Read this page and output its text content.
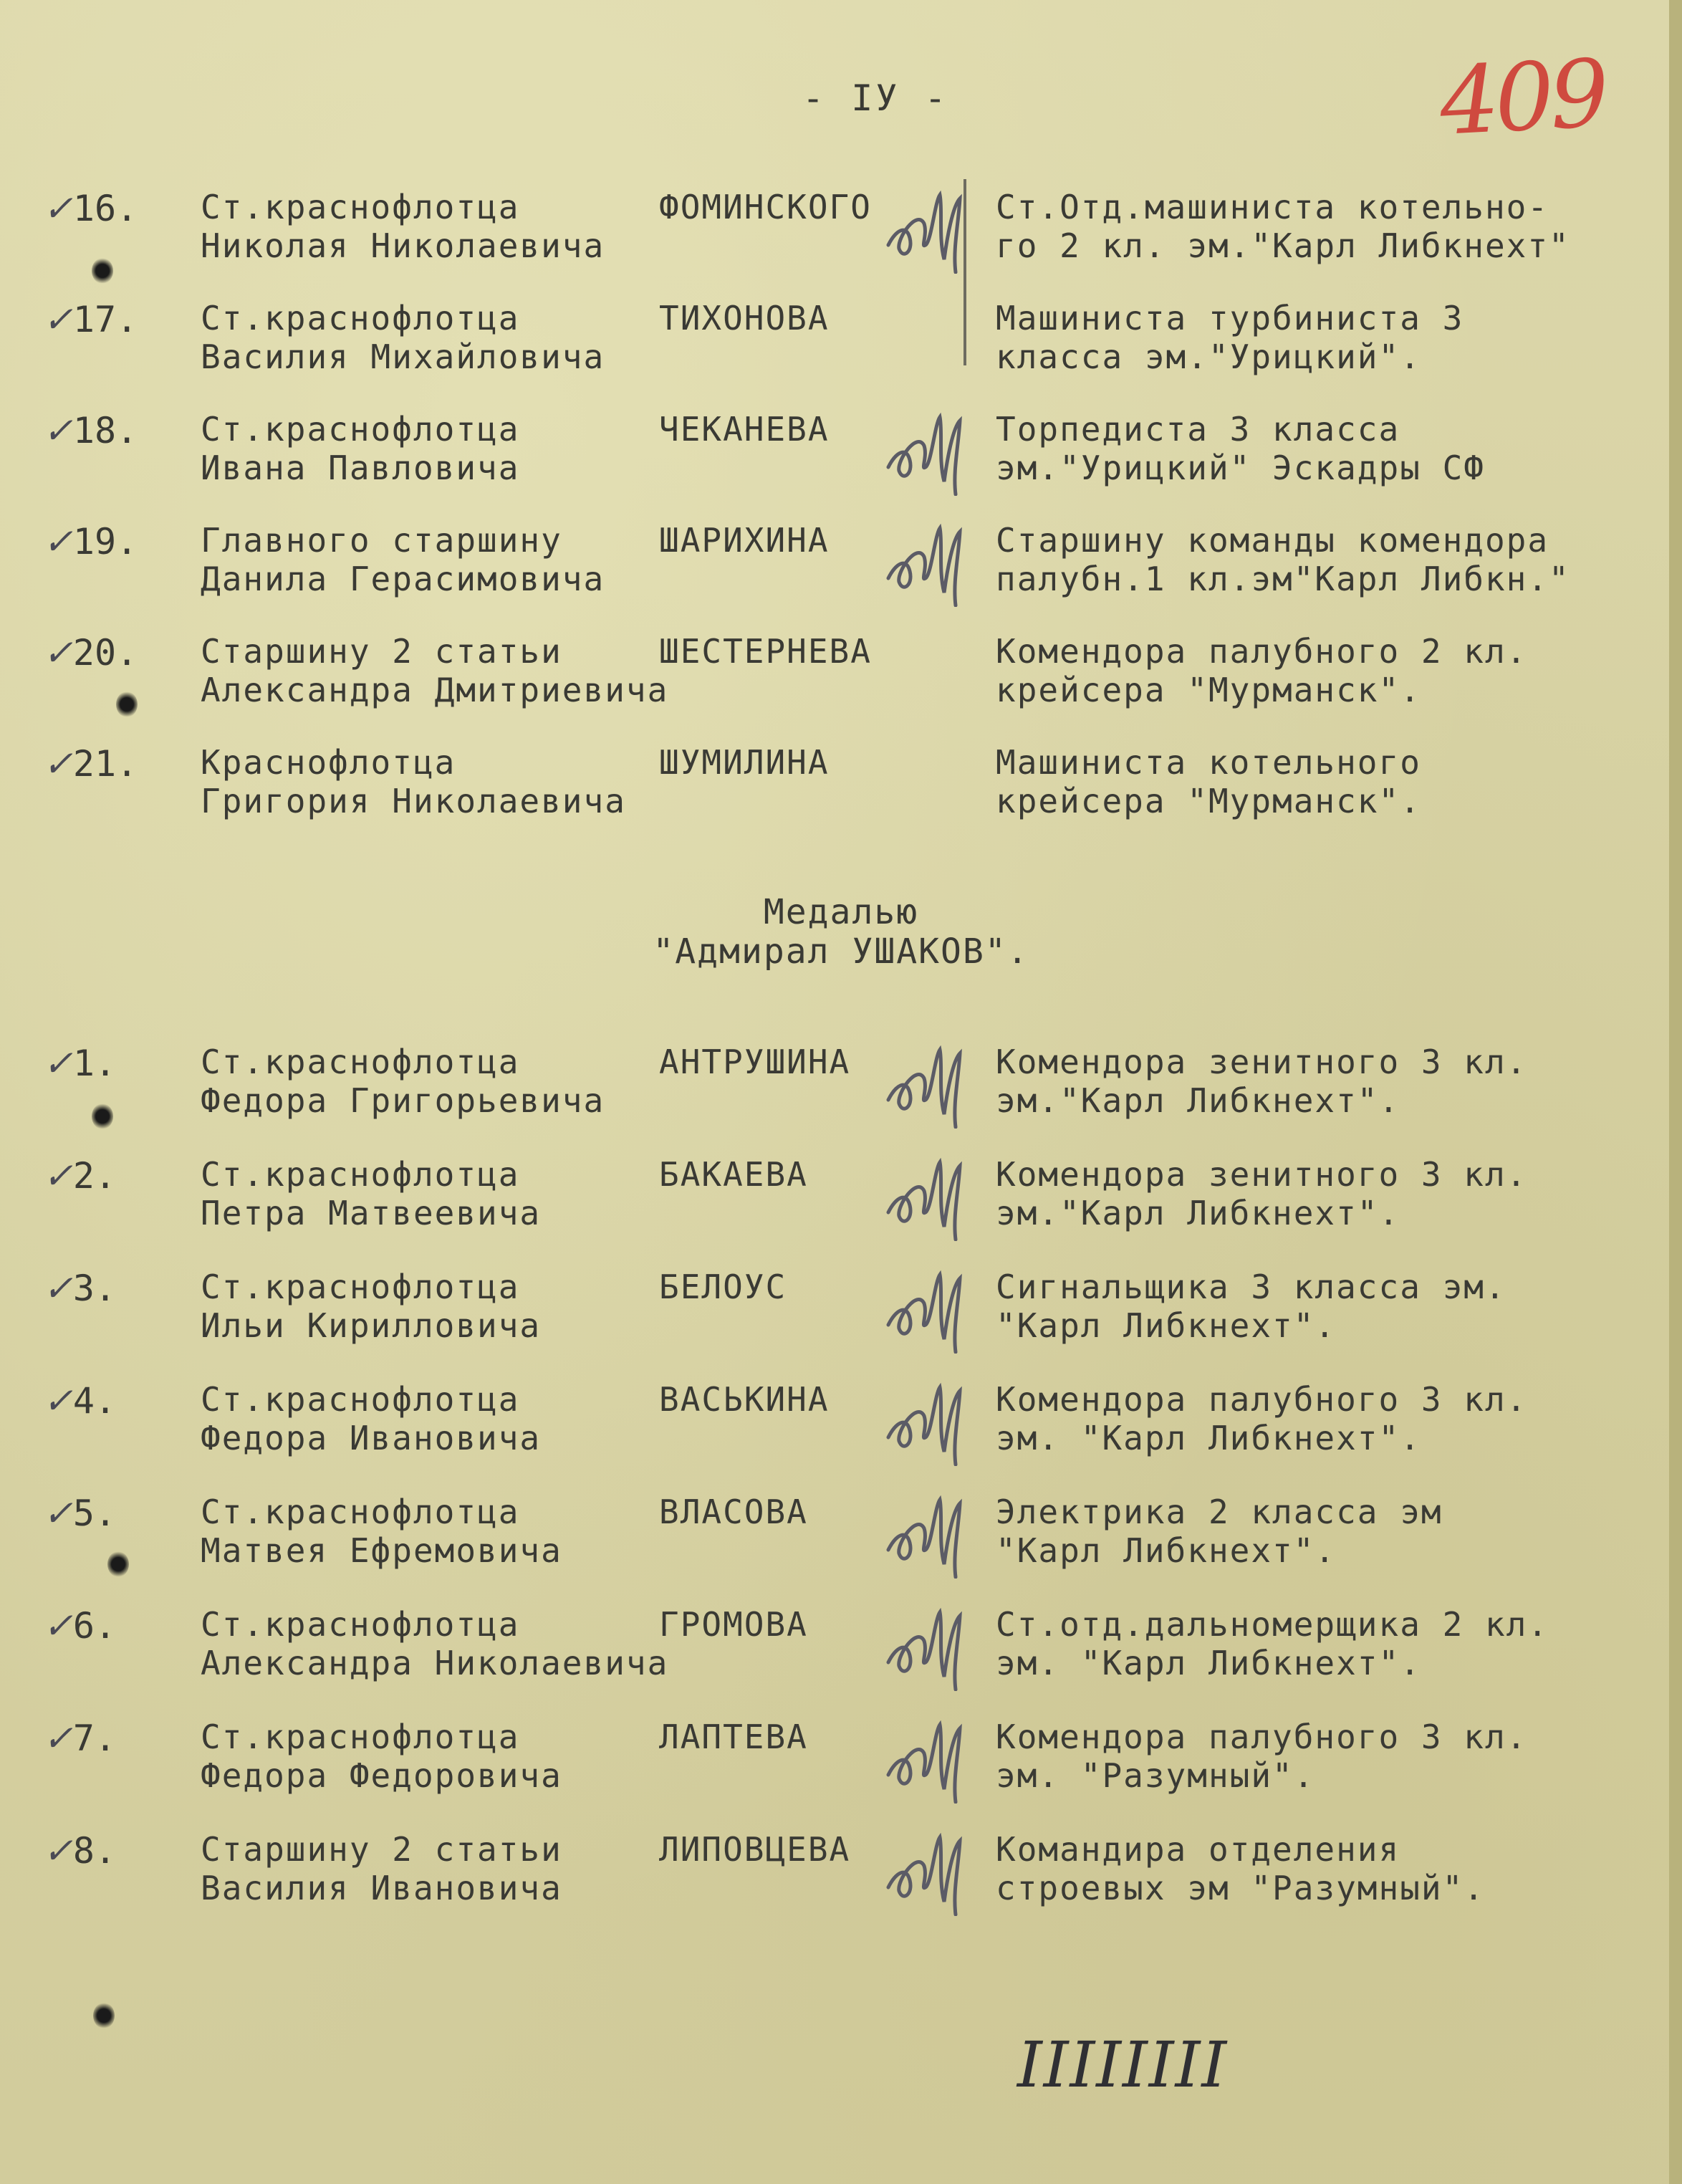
409
- IУ -
✓16.	Ст.краснофлотца	ФОМИНСКОГО
Николая Николаевича
Ст.Отд.машиниста котельно-
го 2 кл. эм."Карл Либкнехт"
✓17.	Ст.краснофлотца	ТИХОНОВА
Василия Михайловича
Машиниста турбиниста 3
класса эм."Урицкий".
✓18.	Ст.краснофлотца	ЧЕКАНЕВА
Ивана Павловича
Торпедиста 3 класса
эм."Урицкий" Эскадры СФ
✓19.	Главного старшину	ШАРИХИНА
Данила Герасимовича
Старшину команды комендора
палубн.1 кл.эм"Карл Либкн."
✓20.	Старшину 2 статьи	ШЕСТЕРНЕВА
Александра Дмитриевича
Комендора палубного 2 кл.
крейсера "Мурманск".
✓21.	Краснофлотца	ШУМИЛИНА
Григория Николаевича
Машиниста котельного
крейсера "Мурманск".
Медалью
"Адмирал УШАКОВ".
✓1.	Ст.краснофлотца	АНТРУШИНА
Федора Григорьевича
Комендора зенитного 3 кл.
эм."Карл Либкнехт".
✓2.	Ст.краснофлотца	БАКАЕВА
Петра Матвеевича
Комендора зенитного 3 кл.
эм."Карл Либкнехт".
✓3.	Ст.краснофлотца	БЕЛОУС
Ильи Кирилловича
Сигнальщика 3 класса эм.
"Карл Либкнехт".
✓4.	Ст.краснофлотца	ВАСЬКИНА
Федора Ивановича
Комендора палубного 3 кл.
эм. "Карл Либкнехт".
✓5.	Ст.краснофлотца	ВЛАСОВА
Матвея Ефремовича
Электрика 2 класса эм
"Карл Либкнехт".
✓6.	Ст.краснофлотца	ГРОМОВА
Александра Николаевича
Ст.отд.дальномерщика 2 кл.
эм. "Карл Либкнехт".
✓7.	Ст.краснофлотца	ЛАПТЕВА
Федора Федоровича
Комендора палубного 3 кл.
эм. "Разумный".
✓8.	Старшину 2 статьи	ЛИПОВЦЕВА
Василия Ивановича
Командира отделения
строевых эм "Разумный".
IIIIIIII
